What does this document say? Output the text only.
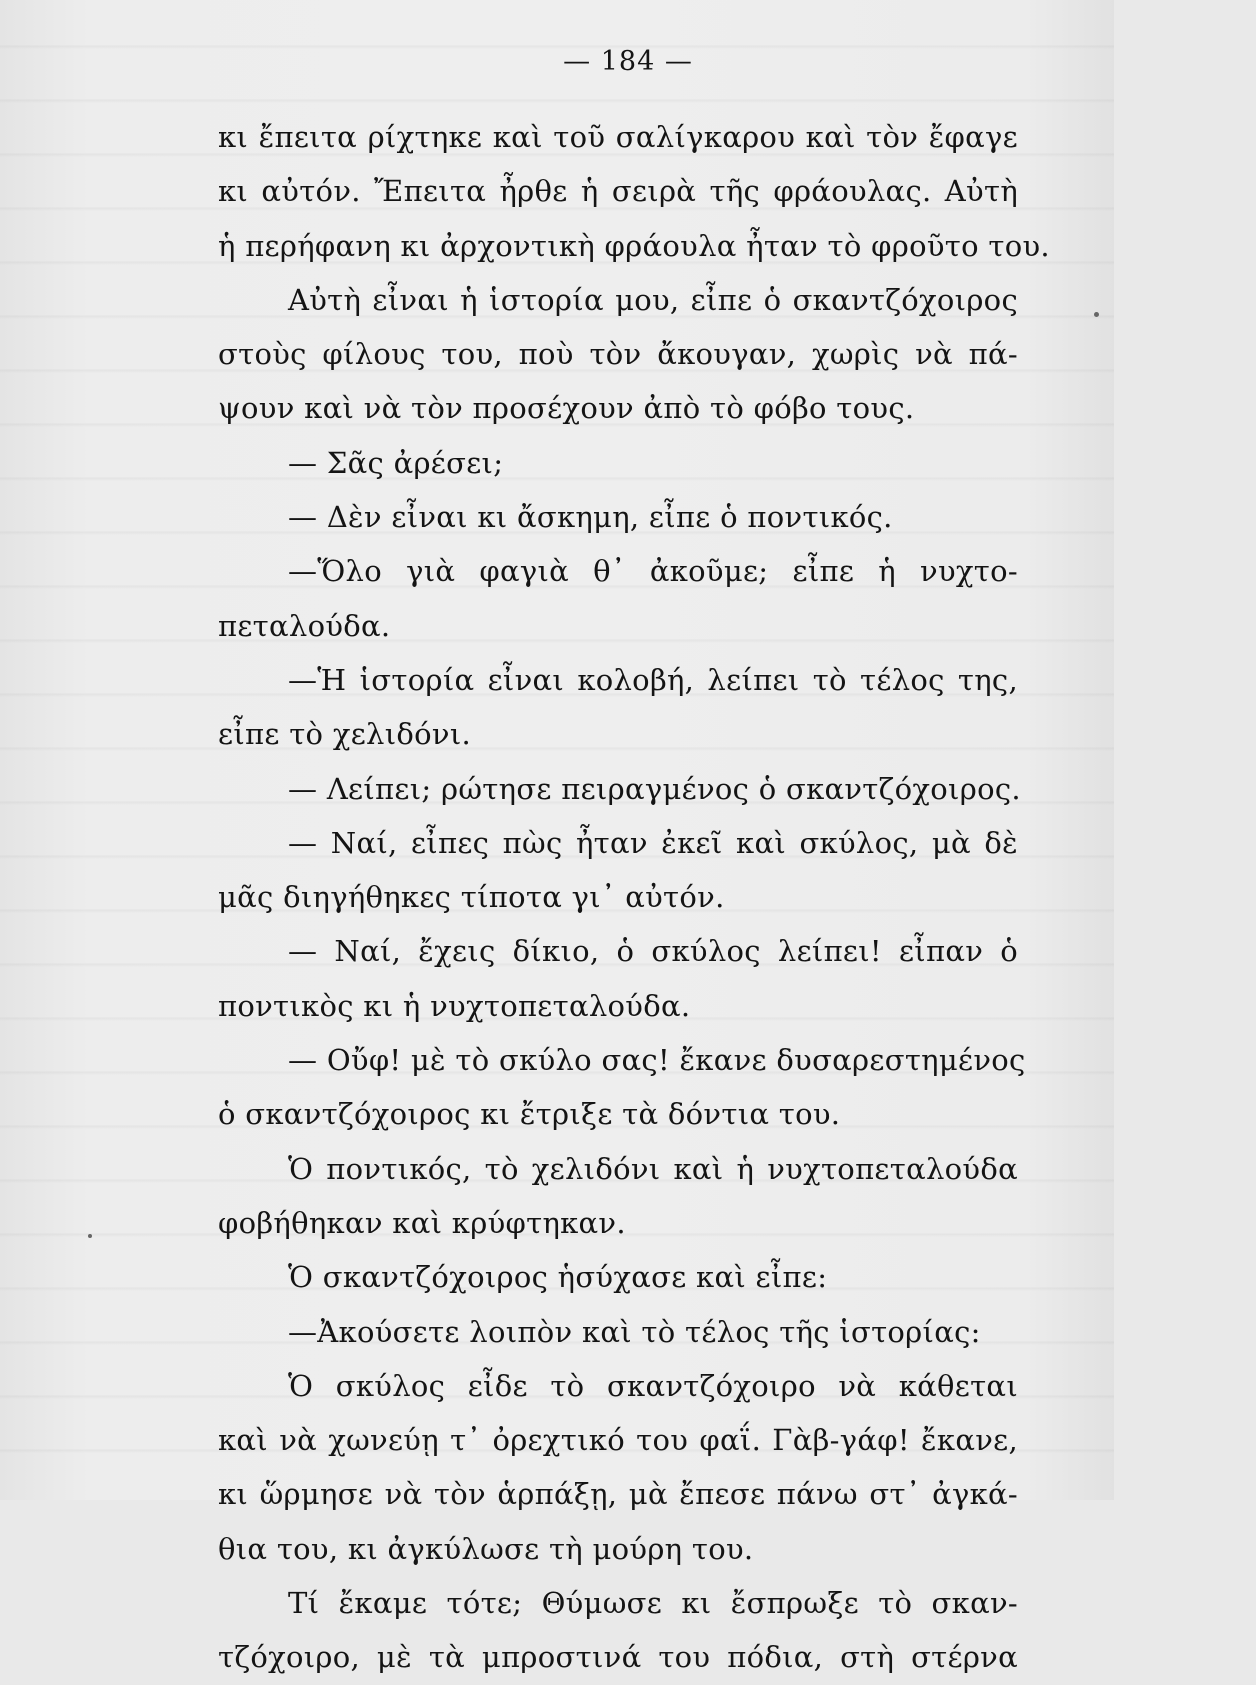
— 184 —
κι ἔπειτα ρίχτηκε καὶ τοῦ σαλίγκαρου καὶ τὸν ἔφαγε
κι αὐτόν. Ἔπειτα ἦρθε ἡ σειρὰ τῆς φράουλας. Αὐτὴ
ἡ περήφανη κι ἀρχοντικὴ φράουλα ἦταν τὸ φροῦτο του.
Αὐτὴ εἶναι ἡ ἱστορία μου, εἶπε ὁ σκαντζόχοιρος
στοὺς φίλους του, ποὺ τὸν ἄκουγαν, χωρὶς νὰ πά-
ψουν καὶ νὰ τὸν προσέχουν ἀπὸ τὸ φόβο τους.
— Σᾶς ἀρέσει;
— Δὲν εἶναι κι ἄσκημη, εἶπε ὁ ποντικός.
—Ὅλο γιὰ φαγιὰ θ᾽ ἀκοῦμε; εἶπε ἡ νυχτο-
πεταλούδα.
—Ἡ ἱστορία εἶναι κολοβή, λείπει τὸ τέλος της,
εἶπε τὸ χελιδόνι.
— Λείπει; ρώτησε πειραγμένος ὁ σκαντζόχοιρος.
— Ναί, εἶπες πὼς ἦταν ἐκεῖ καὶ σκύλος, μὰ δὲ
μᾶς διηγήθηκες τίποτα γι᾽ αὐτόν.
— Ναί, ἔχεις δίκιο, ὁ σκύλος λείπει! εἶπαν ὁ
ποντικὸς κι ἡ νυχτοπεταλούδα.
— Οὔφ! μὲ τὸ σκύλο σας! ἔκανε δυσαρεστημένος
ὁ σκαντζόχοιρος κι ἔτριξε τὰ δόντια του.
Ὁ ποντικός, τὸ χελιδόνι καὶ ἡ νυχτοπεταλούδα
φοβήθηκαν καὶ κρύφτηκαν.
Ὁ σκαντζόχοιρος ἡσύχασε καὶ εἶπε:
—Ἀκούσετε λοιπὸν καὶ τὸ τέλος τῆς ἱστορίας:
Ὁ σκύλος εἶδε τὸ σκαντζόχοιρο νὰ κάθεται
καὶ νὰ χωνεύῃ τ᾽ ὀρεχτικό του φαΐ. Γὰβ-γάφ! ἔκανε,
κι ὥρμησε νὰ τὸν ἁρπάξῃ, μὰ ἔπεσε πάνω στ᾽ ἀγκά-
θια του, κι ἀγκύλωσε τὴ μούρη του.
Τί ἔκαμε τότε; Θύμωσε κι ἔσπρωξε τὸ σκαν-
τζόχοιρο, μὲ τὰ μπροστινά του πόδια, στὴ στέρνα
